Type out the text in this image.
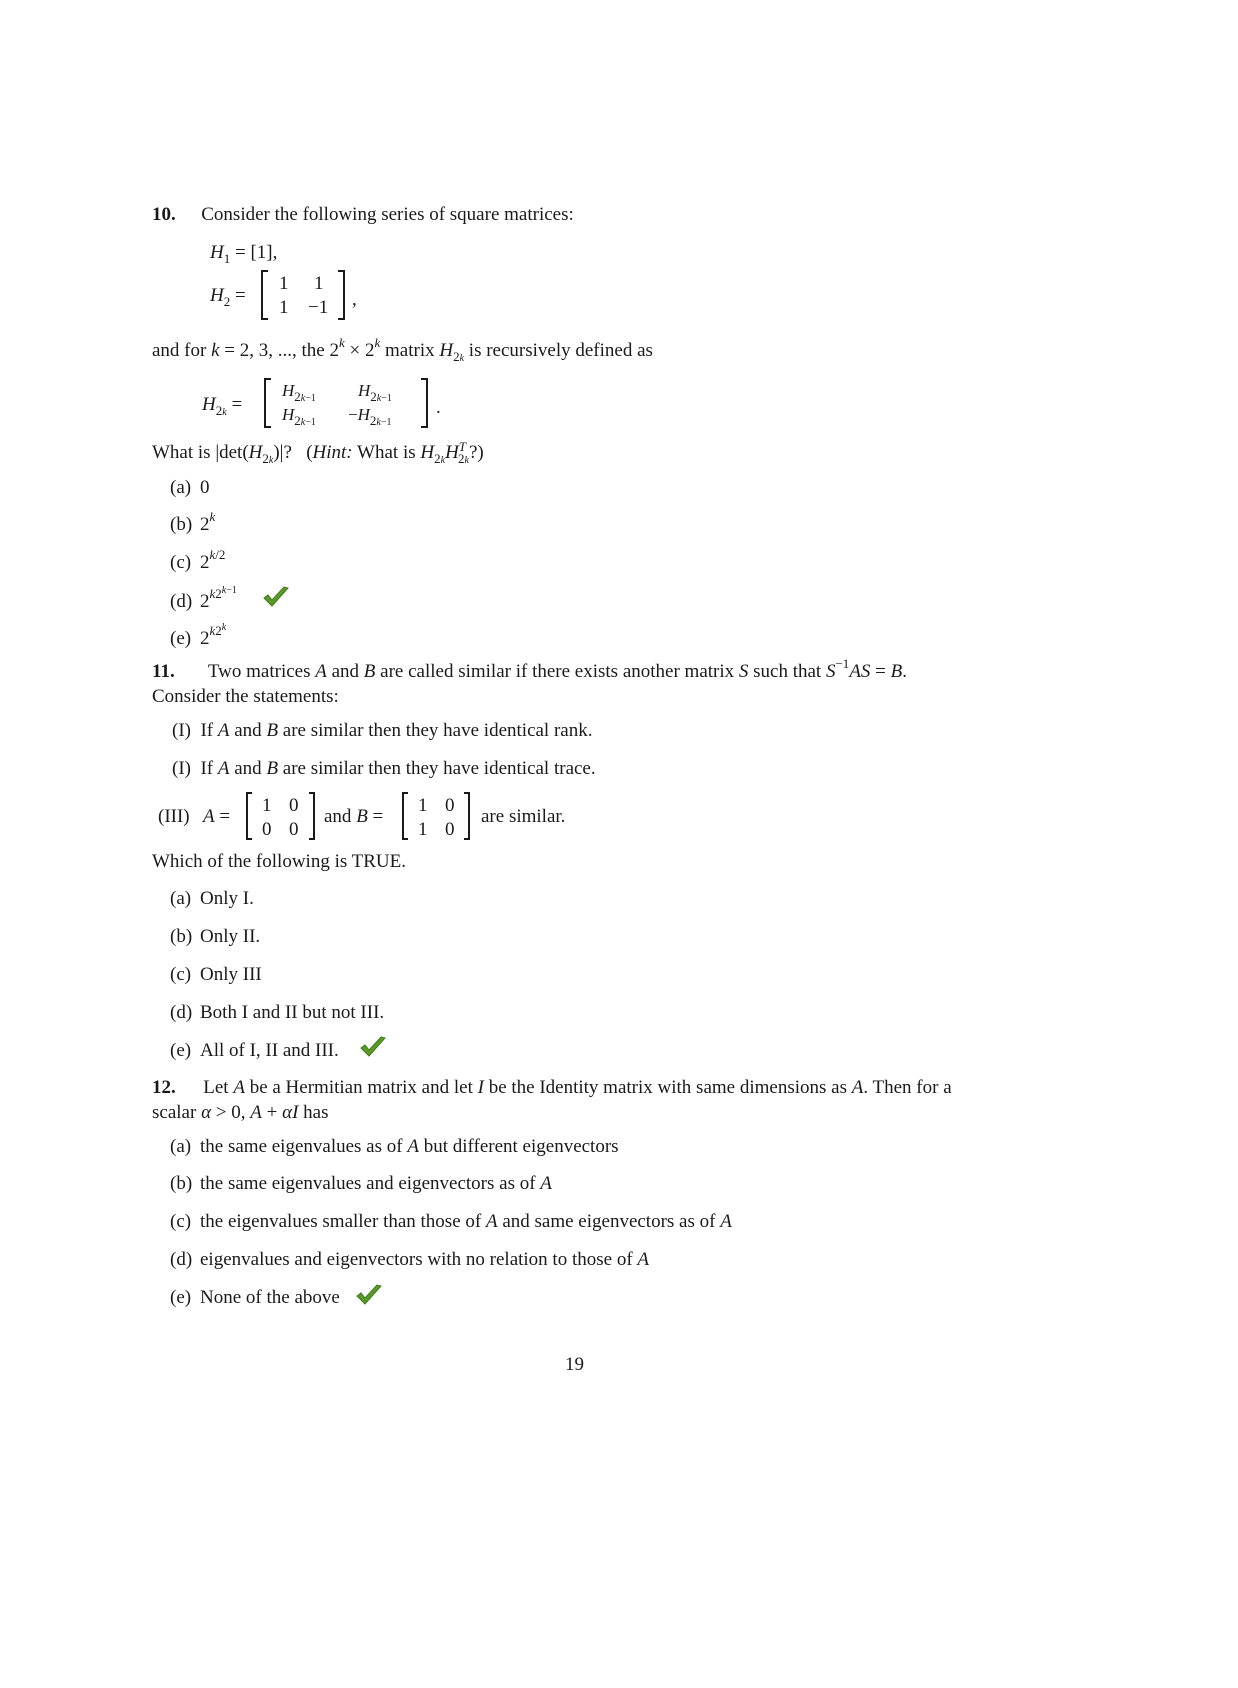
10. Consider the following series of square matrices:
$H_1 = [1]$,
$H_2$ =
1 1
1 −1 ,
and for k = 2, 3, ..., the $2^k \times 2^k$ matrix $H_{2k}$ is recursively defined as
$H_{2k}$ =
$H_{2k-1}$ $H_{2k-1}$
$H_{2k-1} -H_{2k-1}$
.
What is $|\det(H_{2k})|$?   (Hint: What is $H_{2k}H^T_{2k}$?)
(a) 0
(b) 2$^k$
(c) $2^{k/2}$
(d) $2^{k2^{k-1}}$
(e) $2^{k2^k}$
11. Two matrices A and B are called similar if there exists another matrix S such that $S^{-1}AS = B$.
Consider the statements:
(I) If A and B are similar then they have identical rank.
(I) If A and B are similar then they have identical trace.
(III) A =
1 0
0 0
and B =
1 0
1 0
are similar.
Which of the following is TRUE.
(a) Only I.
(b) Only II.
(c) Only III
(d) Both I and II but not III.
(e) All of I, II and III.
12. Let A be a Hermitian matrix and let I be the Identity matrix with same dimensions as A. Then for a
scalar α > 0, A + αI has
(a) the same eigenvalues as of A but different eigenvectors
(b) the same eigenvalues and eigenvectors as of A
(c) the eigenvalues smaller than those of A and same eigenvectors as of A
(d) eigenvalues and eigenvectors with no relation to those of A
(e) None of the above
19
